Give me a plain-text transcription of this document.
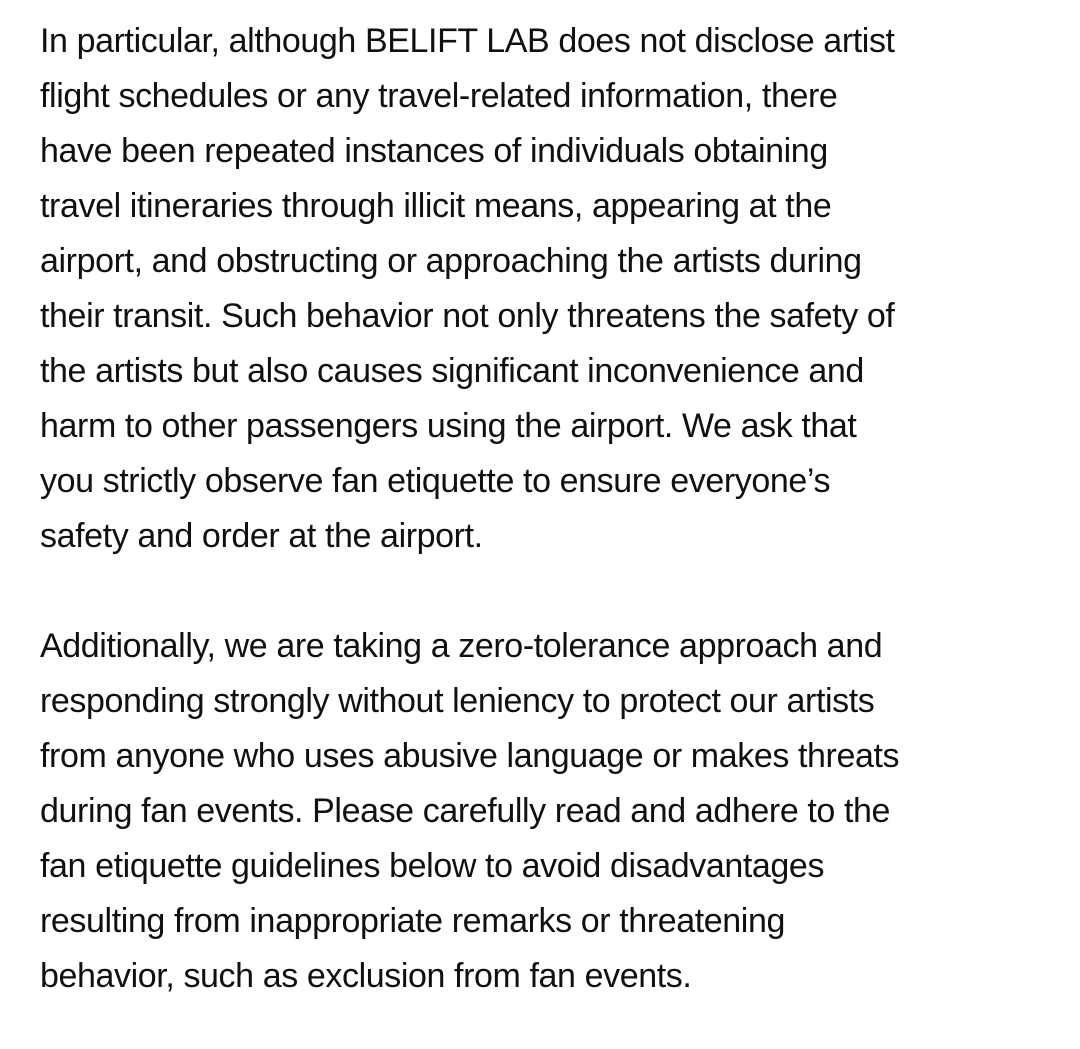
In particular, although BELIFT LAB does not disclose artist
flight schedules or any travel-related information, there
have been repeated instances of individuals obtaining
travel itineraries through illicit means, appearing at the
airport, and obstructing or approaching the artists during
their transit. Such behavior not only threatens the safety of
the artists but also causes significant inconvenience and
harm to other passengers using the airport. We ask that
you strictly observe fan etiquette to ensure everyone’s
safety and order at the airport.
Additionally, we are taking a zero-tolerance approach and
responding strongly without leniency to protect our artists
from anyone who uses abusive language or makes threats
during fan events. Please carefully read and adhere to the
fan etiquette guidelines below to avoid disadvantages
resulting from inappropriate remarks or threatening
behavior, such as exclusion from fan events.
